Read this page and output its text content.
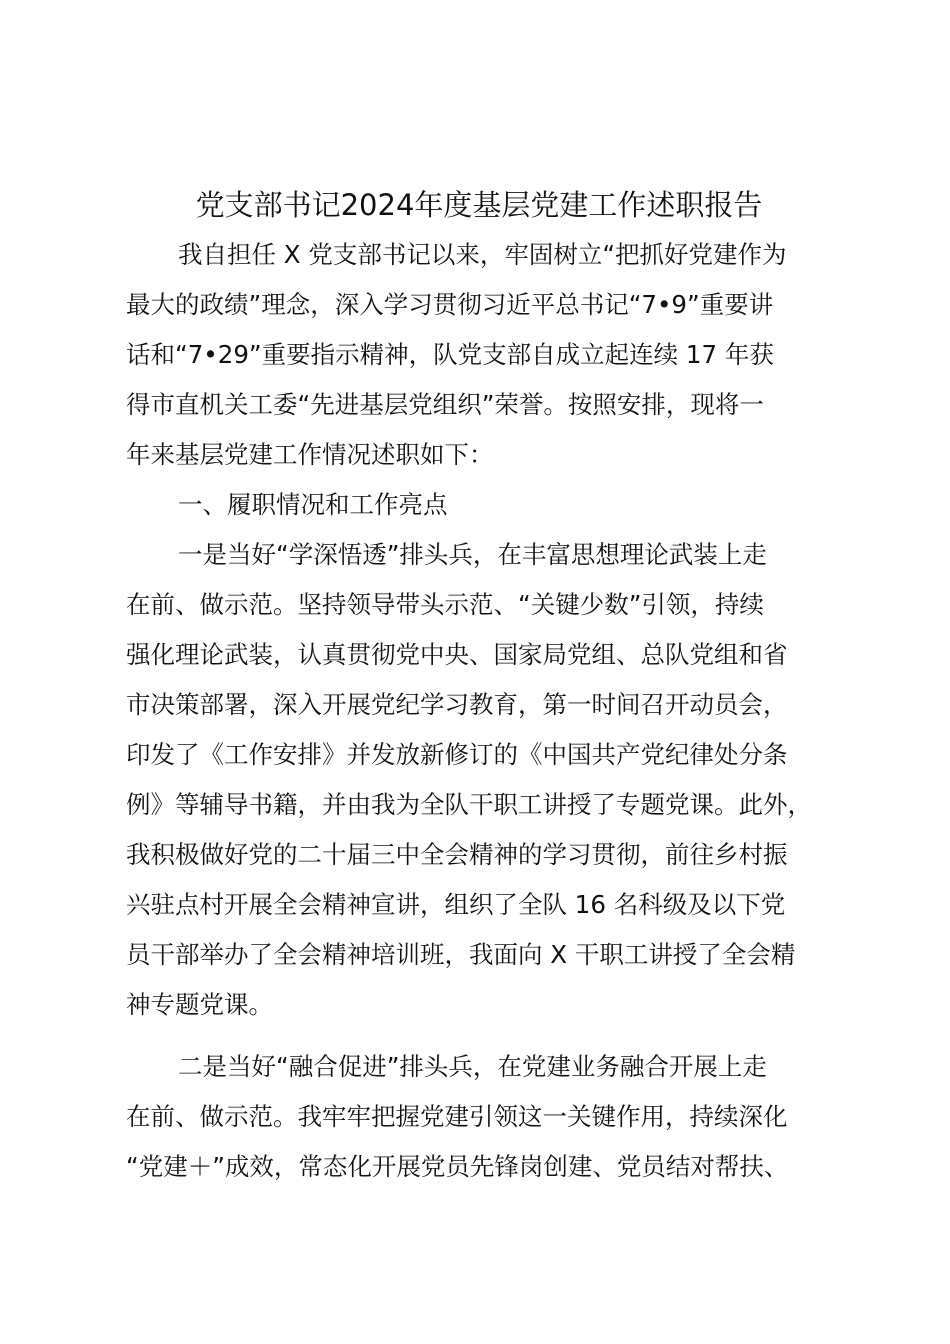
党支部书记2024年度基层党建工作述职报告
我自担任 X 党支部书记以来，牢固树立“把抓好党建作为
最大的政绩”理念，深入学习贯彻习近平总书记“7•9”重要讲
话和“7•29”重要指示精神，队党支部自成立起连续 17 年获
得市直机关工委“先进基层党组织”荣誉。按照安排，现将一
年来基层党建工作情况述职如下：
一、履职情况和工作亮点
一是当好“学深悟透”排头兵，在丰富思想理论武装上走
在前、做示范。坚持领导带头示范、“关键少数”引领，持续
强化理论武装，认真贯彻党中央、国家局党组、总队党组和省
市决策部署，深入开展党纪学习教育，第一时间召开动员会，
印发了《工作安排》并发放新修订的《中国共产党纪律处分条
例》等辅导书籍，并由我为全队干职工讲授了专题党课。此外，
我积极做好党的二十届三中全会精神的学习贯彻，前往乡村振
兴驻点村开展全会精神宣讲，组织了全队 16 名科级及以下党
员干部举办了全会精神培训班，我面向 X 干职工讲授了全会精
神专题党课。
二是当好“融合促进”排头兵，在党建业务融合开展上走
在前、做示范。我牢牢把握党建引领这一关键作用，持续深化
“党建＋”成效，常态化开展党员先锋岗创建、党员结对帮扶、
